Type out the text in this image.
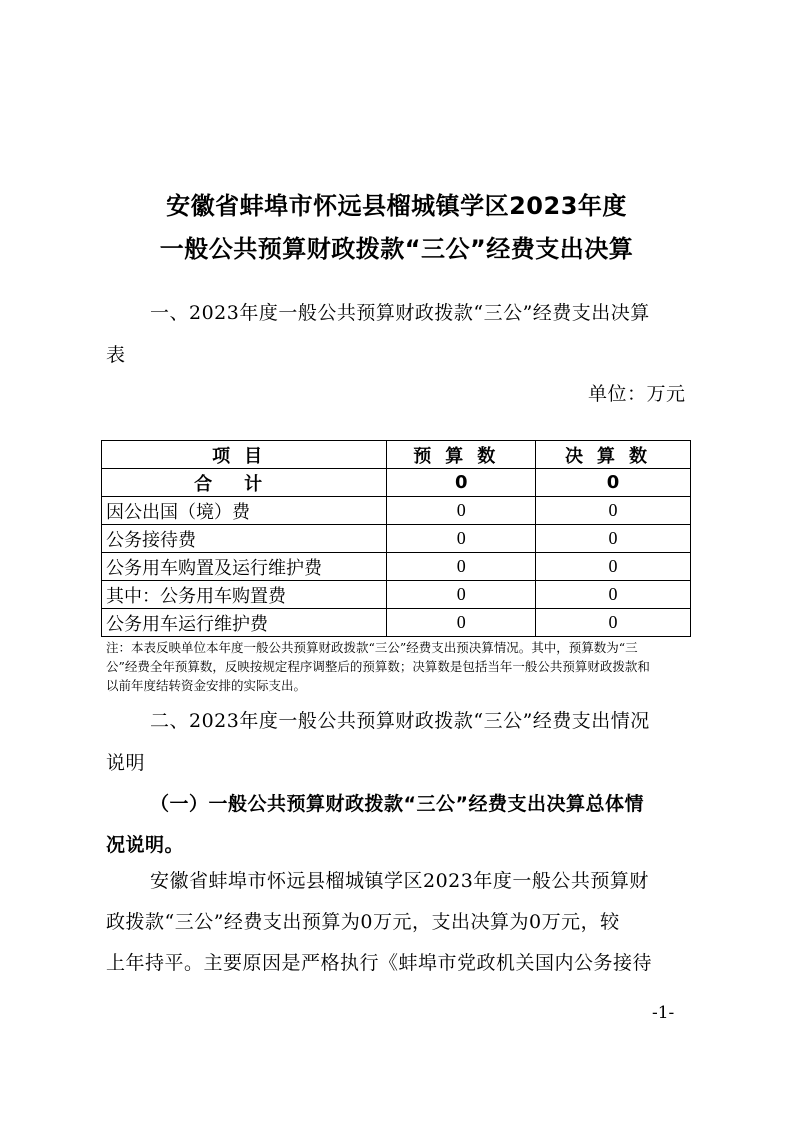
安徽省蚌埠市怀远县榴城镇学区2023年度
一般公共预算财政拨款“三公”经费支出决算
一、2023年度一般公共预算财政拨款“三公”经费支出决算
表
单位：万元
项目	预算数	决算数
合计	0	0
因公出国（境）费	0	0
公务接待费	0	0
公务用车购置及运行维护费	0	0
其中：公务用车购置费	0	0
公务用车运行维护费	0	0

注：本表反映单位本年度一般公共预算财政拨款“三公”经费支出预决算情况。其中，预算数为“三

公”经费全年预算数，反映按规定程序调整后的预算数；决算数是包括当年一般公共预算财政拨款和

以前年度结转资金安排的实际支出。

二、2023年度一般公共预算财政拨款“三公”经费支出情况
说明
（一）一般公共预算财政拨款“三公”经费支出决算总体情
况说明。
安徽省蚌埠市怀远县榴城镇学区2023年度一般公共预算财
政拨款“三公”经费支出预算为0万元，支出决算为0万元，较
上年持平。主要原因是严格执行《蚌埠市党政机关国内公务接待
-1-
